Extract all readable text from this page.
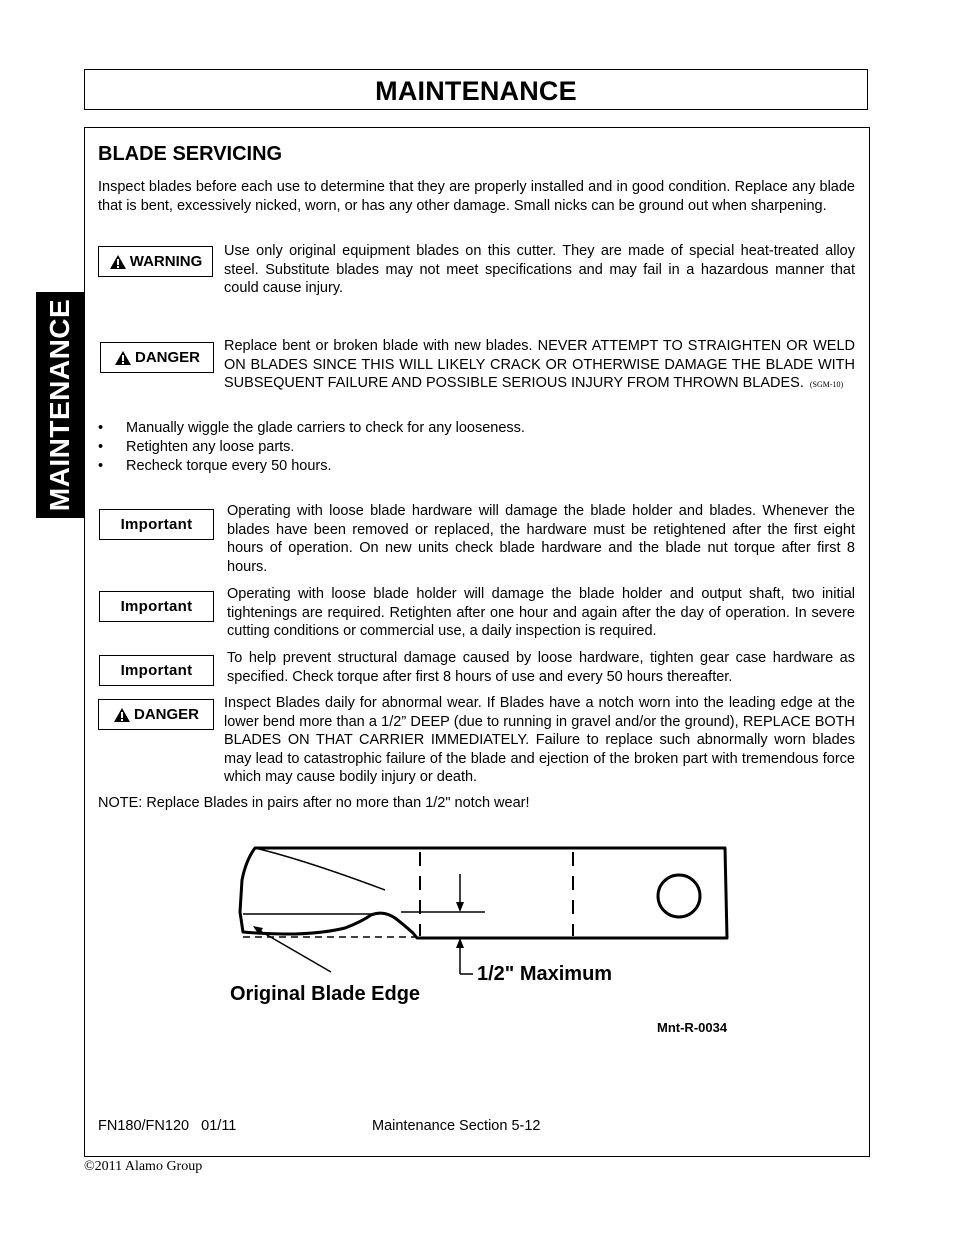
MAINTENANCE
MAINTENANCE
BLADE SERVICING
Inspect blades before each use to determine that they are properly installed and in good condition. Replace any blade that is bent, excessively nicked, worn, or has any other damage. Small nicks can be ground out when sharpening.
WARNING
Use only original equipment blades on this cutter. They are made of special heat-treated alloy steel. Substitute blades may not meet specifications and may fail in a hazardous manner that could cause injury.
DANGER
Replace bent or broken blade with new blades. NEVER ATTEMPT TO STRAIGHTEN OR WELD ON BLADES SINCE THIS WILL LIKELY CRACK OR OTHERWISE DAMAGE THE BLADE WITH SUBSEQUENT FAILURE AND POSSIBLE SERIOUS INJURY FROM THROWN BLADES. (SGM-10)
•	Manually wiggle the glade carriers to check for any looseness.
•	Retighten any loose parts.
•	Recheck torque every 50 hours.
Important
Operating with loose blade hardware will damage the blade holder and blades. Whenever the blades have been removed or replaced, the hardware must be retightened after the first eight hours of operation. On new units check blade hardware and the blade nut torque after first 8 hours.
Important
Operating with loose blade holder will damage the blade holder and output shaft, two initial tightenings are required. Retighten after one hour and again after the day of operation. In severe cutting conditions or commercial use, a daily inspection is required.
Important
To help prevent structural damage caused by loose hardware, tighten gear case hardware as specified. Check torque after first 8 hours of use and every 50 hours thereafter.
DANGER
Inspect Blades daily for abnormal wear. If Blades have a notch worn into the leading edge at the lower bend more than a 1/2” DEEP (due to running in gravel and/or the ground), REPLACE BOTH BLADES ON THAT CARRIER IMMEDIATELY. Failure to replace such abnormally worn blades may lead to catastrophic failure of the blade and ejection of the broken part with tremendous force which may cause bodily injury or death.
NOTE: Replace Blades in pairs after no more than 1/2" notch wear!
1/2" Maximum
Original Blade Edge
Mnt-R-0034
FN180/FN120   01/11	Maintenance Section 5-12
©2011 Alamo Group
